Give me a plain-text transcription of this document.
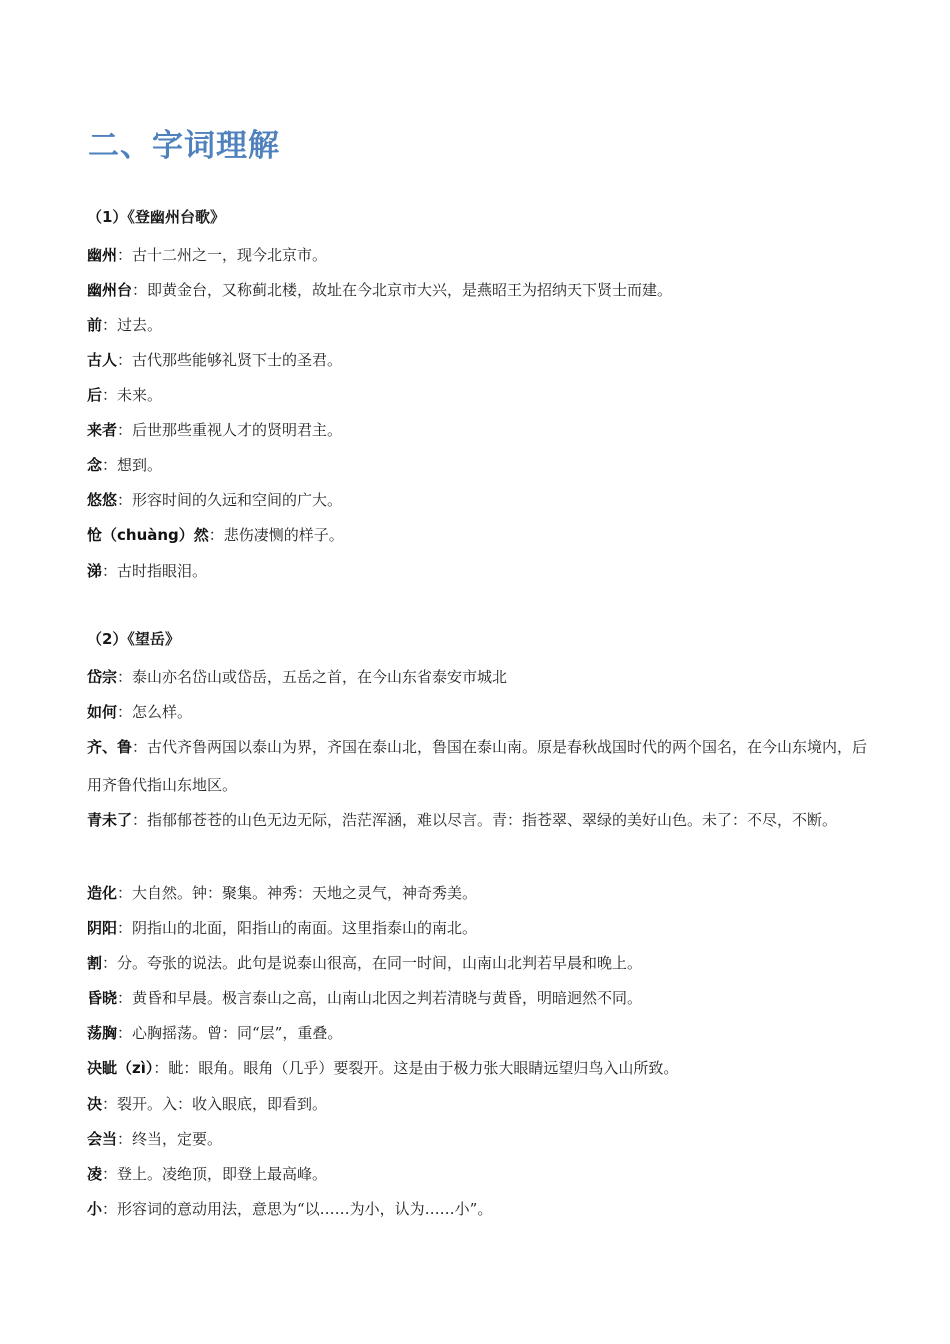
二、字词理解
（1）《登幽州台歌》
幽州：古十二州之一，现今北京市。
幽州台：即黄金台，又称蓟北楼，故址在今北京市大兴，是燕昭王为招纳天下贤士而建。
前：过去。
古人：古代那些能够礼贤下士的圣君。
后：未来。
来者：后世那些重视人才的贤明君主。
念：想到。
悠悠：形容时间的久远和空间的广大。
怆（chuàng）然：悲伤凄恻的样子。
涕：古时指眼泪。
（2）《望岳》
岱宗：泰山亦名岱山或岱岳，五岳之首，在今山东省泰安市城北
如何：怎么样。
齐、鲁：古代齐鲁两国以泰山为界，齐国在泰山北，鲁国在泰山南。原是春秋战国时代的两个国名，在今山东境内，后用齐鲁代指山东地区。
青未了：指郁郁苍苍的山色无边无际，浩茫浑涵，难以尽言。青：指苍翠、翠绿的美好山色。未了：不尽，不断。
造化：大自然。钟：聚集。神秀：天地之灵气，神奇秀美。
阴阳：阴指山的北面，阳指山的南面。这里指泰山的南北。
割：分。夸张的说法。此句是说泰山很高，在同一时间，山南山北判若早晨和晚上。
昏晓：黄昏和早晨。极言泰山之高，山南山北因之判若清晓与黄昏，明暗迥然不同。
荡胸：心胸摇荡。曾：同“层”，重叠。
决眦（zì）：眦：眼角。眼角（几乎）要裂开。这是由于极力张大眼睛远望归鸟入山所致。
决：裂开。入：收入眼底，即看到。
会当：终当，定要。
凌：登上。凌绝顶，即登上最高峰。
小：形容词的意动用法，意思为“以……为小，认为……小”。
